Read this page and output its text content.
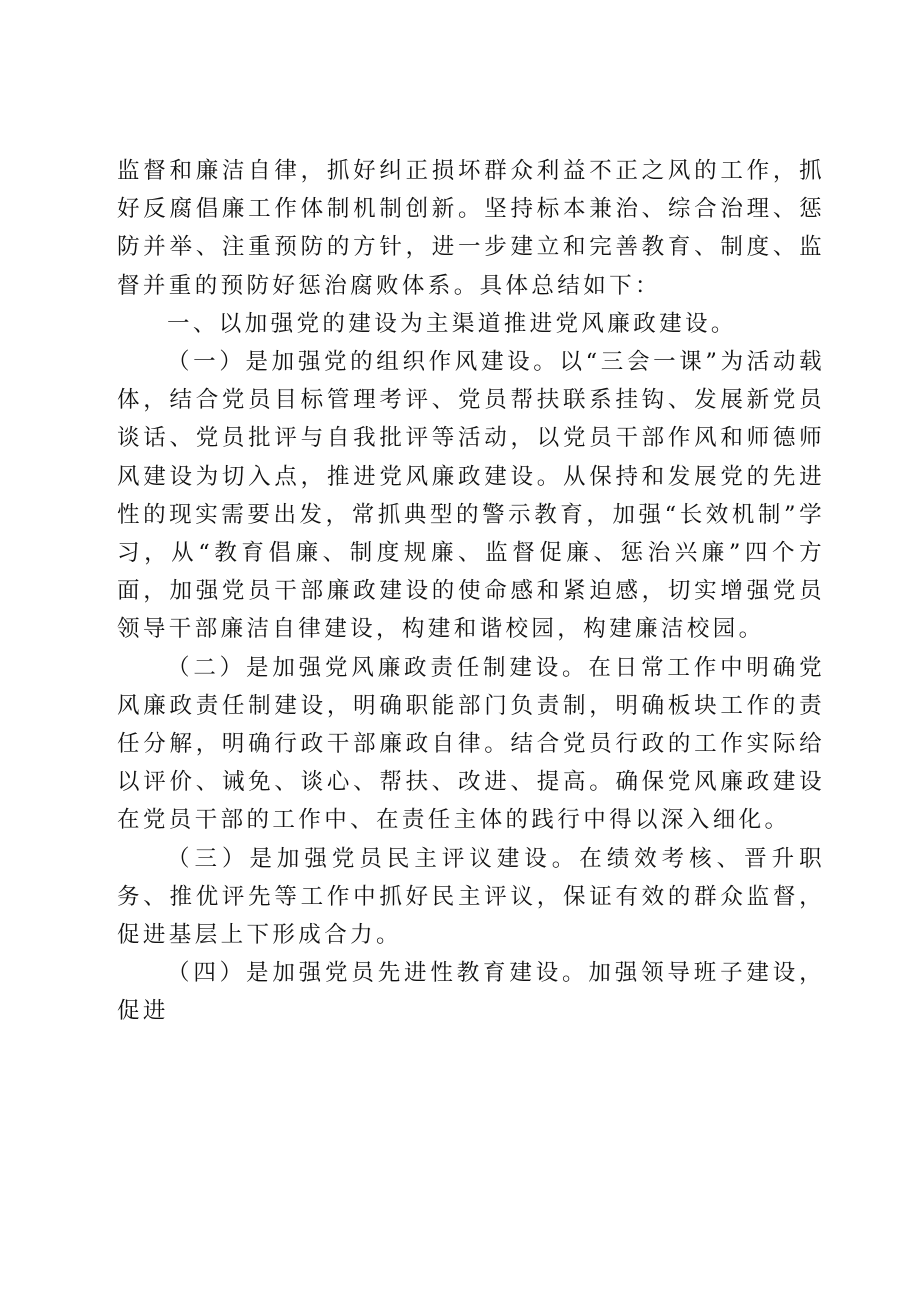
监督和廉洁自律，抓好纠正损坏群众利益不正之风的工作，抓好反腐倡廉工作体制机制创新。坚持标本兼治、综合治理、惩防并举、注重预防的方针，进一步建立和完善教育、制度、监督并重的预防好惩治腐败体系。具体总结如下：

一、以加强党的建设为主渠道推进党风廉政建设。

（一）是加强党的组织作风建设。以“三会一课”为活动载体，结合党员目标管理考评、党员帮扶联系挂钩、发展新党员谈话、党员批评与自我批评等活动，以党员干部作风和师德师风建设为切入点，推进党风廉政建设。从保持和发展党的先进性的现实需要出发，常抓典型的警示教育，加强“长效机制”学习，从“教育倡廉、制度规廉、监督促廉、惩治兴廉”四个方面，加强党员干部廉政建设的使命感和紧迫感，切实增强党员领导干部廉洁自律建设，构建和谐校园，构建廉洁校园。

（二）是加强党风廉政责任制建设。在日常工作中明确党风廉政责任制建设，明确职能部门负责制，明确板块工作的责任分解，明确行政干部廉政自律。结合党员行政的工作实际给以评价、诫免、谈心、帮扶、改进、提高。确保党风廉政建设在党员干部的工作中、在责任主体的践行中得以深入细化。

（三）是加强党员民主评议建设。在绩效考核、晋升职务、推优评先等工作中抓好民主评议，保证有效的群众监督，促进基层上下形成合力。

（四）是加强党员先进性教育建设。加强领导班子建设，促进
